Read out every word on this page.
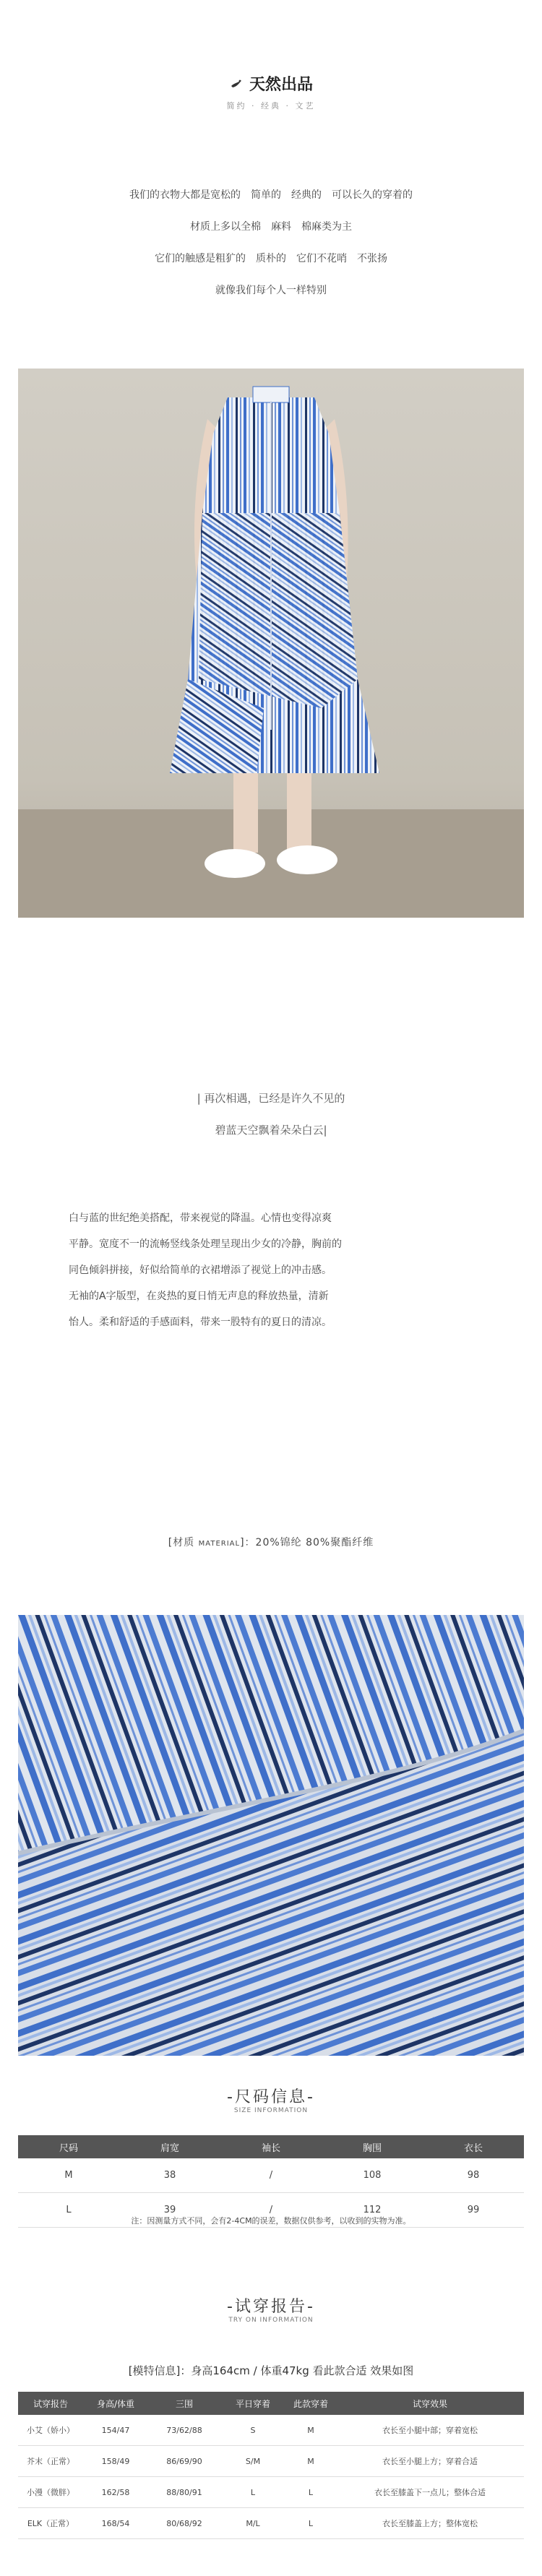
天然出品
简约 · 经典 · 文艺
我们的衣物大都是宽松的　简单的　经典的　可以长久的穿着的
材质上多以全棉　麻料　棉麻类为主
它们的触感是粗犷的　质朴的　它们不花哨　不张扬
就像我们每个人一样特别
| 再次相遇，已经是许久不见的
碧蓝天空飘着朵朵白云|
白与蓝的世纪绝美搭配，带来视觉的降温。心情也变得凉爽
平静。宽度不一的流畅竖线条处理呈现出少女的冷静，胸前的
同色倾斜拼接，好似给简单的衣裙增添了视觉上的冲击感。
无袖的A字版型，在炎热的夏日悄无声息的释放热量，清新
怡人。柔和舒适的手感面料，带来一股特有的夏日的清凉。
[材质 MATERIAL]：20%锦纶 80%聚酯纤维
-尺码信息-
SIZE INFORMATION
尺码	肩宽	袖长	胸围	衣长
M	38	/	108	98
L	39	/	112	99
注：因测量方式不同，会有2-4CM的误差，数据仅供参考，以收到的实物为准。
-试穿报告-
TRY ON INFORMATION
[模特信息]：身高164cm / 体重47kg 看此款合适 效果如图
试穿报告	身高/体重	三围	平日穿着	此款穿着	试穿效果
小艾（娇小）	154/47	73/62/88	S	M	衣长至小腿中部；穿着宽松
芥末（正常）	158/49	86/69/90	S/M	M	衣长至小腿上方；穿着合适
小漫（微胖）	162/58	88/80/91	L	L	衣长至膝盖下一点儿；整体合适
ELK（正常）	168/54	80/68/92	M/L	L	衣长至膝盖上方；整体宽松
